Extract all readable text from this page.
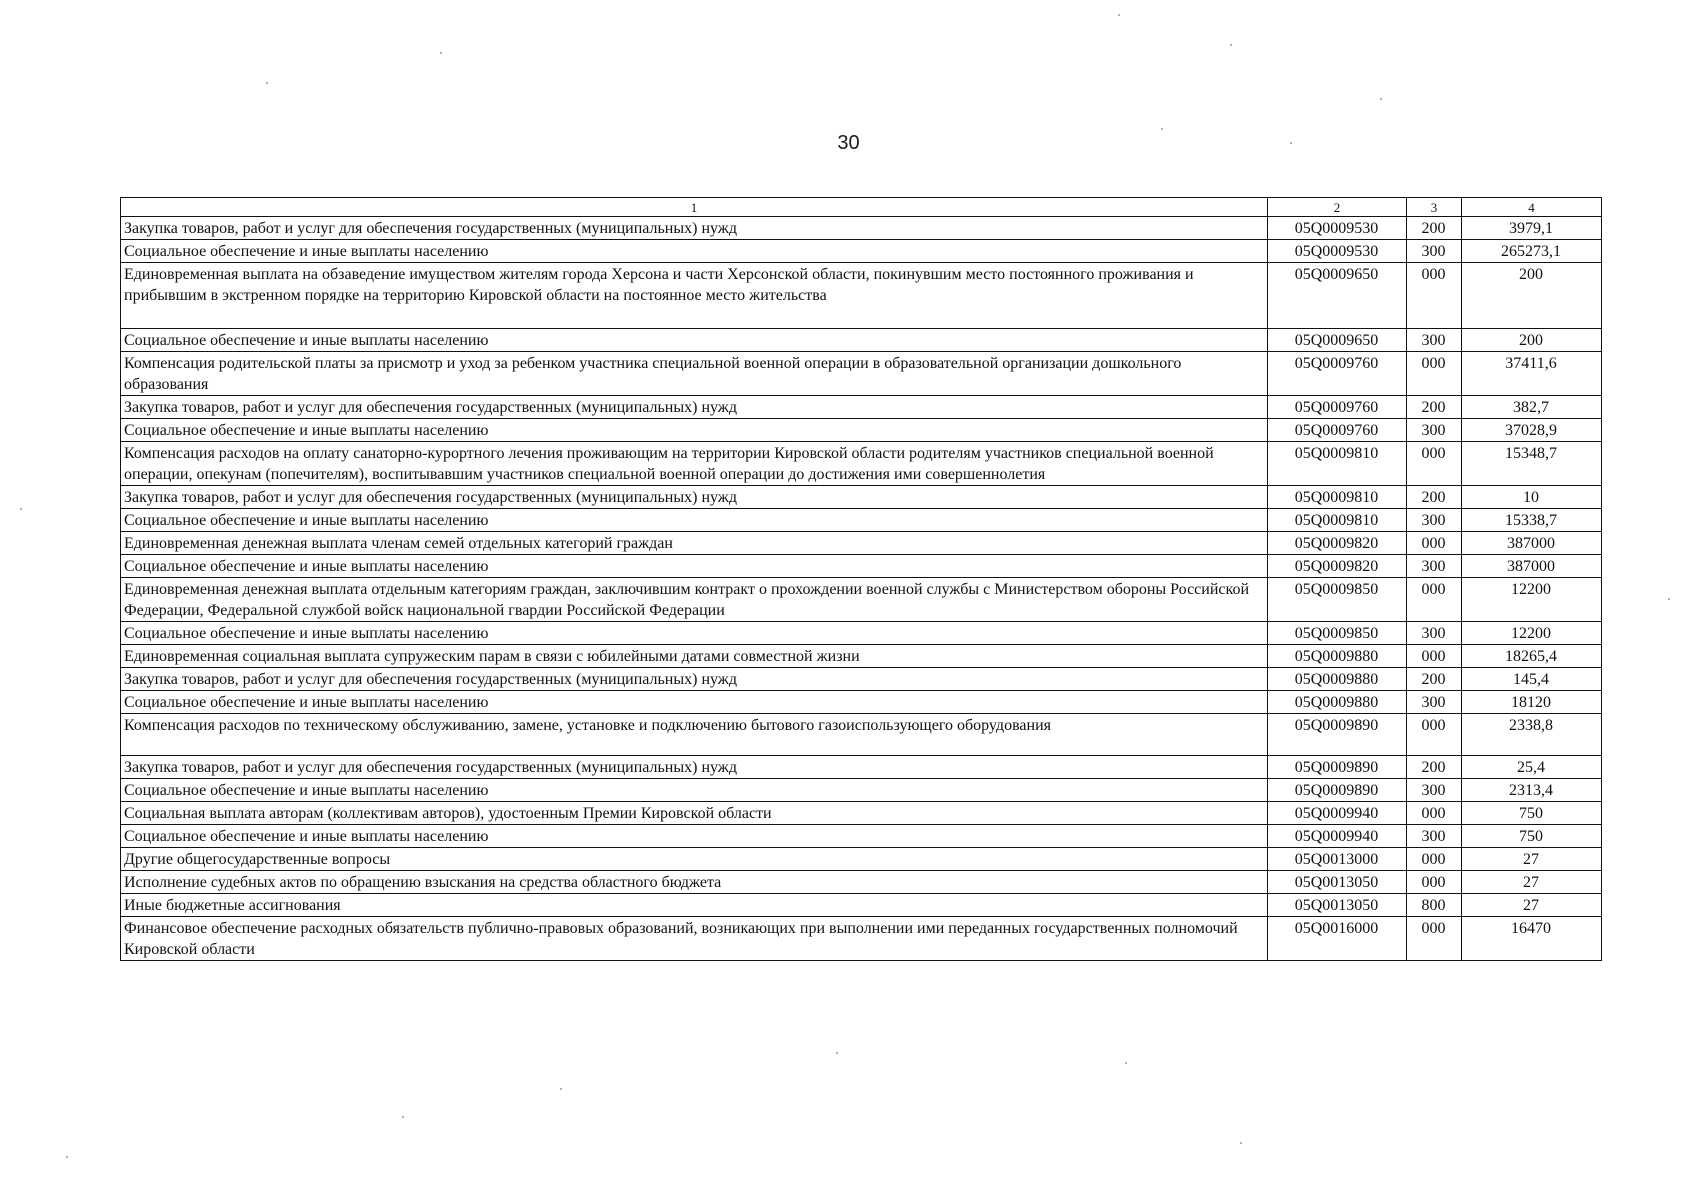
30
1	2	3	4
Закупка товаров, работ и услуг для обеспечения государственных (муниципальных) нужд	05Q0009530	200	3979,1
Социальное обеспечение и иные выплаты населению	05Q0009530	300	265273,1
Единовременная выплата на обзаведение имуществом жителям города Херсона и части Херсонской области, покинувшим место постоянного проживания и прибывшим в экстренном порядке на территорию Кировской области на постоянное место жительства	05Q0009650	000	200
Социальное обеспечение и иные выплаты населению	05Q0009650	300	200
Компенсация родительской платы за присмотр и уход за ребенком участника специальной военной операции в образовательной организации дошкольного образования	05Q0009760	000	37411,6
Закупка товаров, работ и услуг для обеспечения государственных (муниципальных) нужд	05Q0009760	200	382,7
Социальное обеспечение и иные выплаты населению	05Q0009760	300	37028,9
Компенсация расходов на оплату санаторно-курортного лечения проживающим на территории Кировской области родителям участников специальной военной операции, опекунам (попечителям), воспитывавшим участников специальной военной операции до достижения ими совершеннолетия	05Q0009810	000	15348,7
Закупка товаров, работ и услуг для обеспечения государственных (муниципальных) нужд	05Q0009810	200	10
Социальное обеспечение и иные выплаты населению	05Q0009810	300	15338,7
Единовременная денежная выплата членам семей отдельных категорий граждан	05Q0009820	000	387000
Социальное обеспечение и иные выплаты населению	05Q0009820	300	387000
Единовременная денежная выплата отдельным категориям граждан, заключившим контракт о прохождении военной службы с Министерством обороны Российской Федерации, Федеральной службой войск национальной гвардии Российской Федерации	05Q0009850	000	12200
Социальное обеспечение и иные выплаты населению	05Q0009850	300	12200
Единовременная социальная выплата супружеским парам в связи с юбилейными датами совместной жизни	05Q0009880	000	18265,4
Закупка товаров, работ и услуг для обеспечения государственных (муниципальных) нужд	05Q0009880	200	145,4
Социальное обеспечение и иные выплаты населению	05Q0009880	300	18120
Компенсация расходов по техническому обслуживанию, замене, установке и подключению бытового газоиспользующего оборудования	05Q0009890	000	2338,8
Закупка товаров, работ и услуг для обеспечения государственных (муниципальных) нужд	05Q0009890	200	25,4
Социальное обеспечение и иные выплаты населению	05Q0009890	300	2313,4
Социальная выплата авторам (коллективам авторов), удостоенным Премии Кировской области	05Q0009940	000	750
Социальное обеспечение и иные выплаты населению	05Q0009940	300	750
Другие общегосударственные вопросы	05Q0013000	000	27
Исполнение судебных актов по обращению взыскания на средства областного бюджета	05Q0013050	000	27
Иные бюджетные ассигнования	05Q0013050	800	27
Финансовое обеспечение расходных обязательств публично-правовых образований, возникающих при выполнении ими переданных государственных полномочий Кировской области	05Q0016000	000	16470
